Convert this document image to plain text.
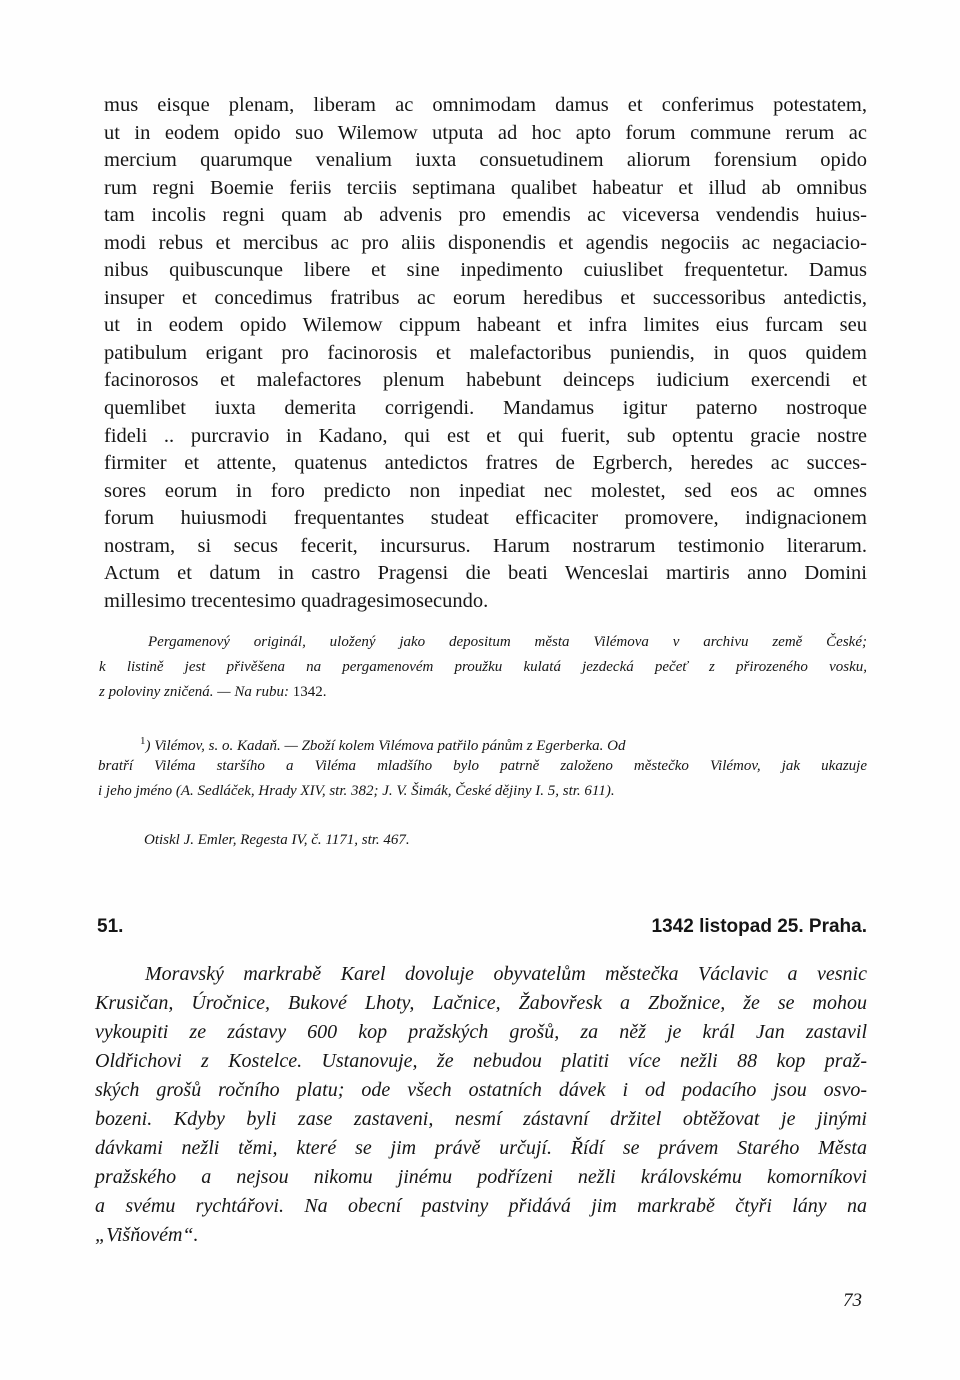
mus eisque plenam, liberam ac omnimodam damus et conferimus potestatem,
ut in eodem opido suo Wilemow utputa ad hoc apto forum commune rerum ac
mercium quarumque venalium iuxta consuetudinem aliorum forensium opido
rum regni Boemie feriis terciis septimana qualibet habeatur et illud ab omnibus
tam incolis regni quam ab advenis pro emendis ac viceversa vendendis huius-
modi rebus et mercibus ac pro aliis disponendis et agendis negociis ac negaciacio-
nibus quibuscunque libere et sine inpedimento cuiuslibet frequentetur. Damus
insuper et concedimus fratribus ac eorum heredibus et successoribus antedictis,
ut in eodem opido Wilemow cippum habeant et infra limites eius furcam seu
patibulum erigant pro facinorosis et malefactoribus puniendis, in quos quidem
facinorosos et malefactores plenum habebunt deinceps iudicium exercendi et
quemlibet iuxta demerita corrigendi. Mandamus igitur paterno nostroque
fideli .. purcravio in Kadano, qui est et qui fuerit, sub optentu gracie nostre
firmiter et attente, quatenus antedictos fratres de Egrberch, heredes ac succes-
sores eorum in foro predicto non inpediat nec molestet, sed eos ac omnes
forum huiusmodi frequentantes studeat efficaciter promovere, indignacionem
nostram, si secus fecerit, incursurus. Harum nostrarum testimonio literarum.
Actum et datum in castro Pragensi die beati Wenceslai martiris anno Domini
millesimo trecentesimo quadragesimosecundo.
Pergamenový originál, uložený jako depositum města Vilémova v archivu země České;
k listině jest přivěšena na pergamenovém proužku kulatá jezdecká pečeť z přirozeného vosku,
z poloviny zničená. — Na rubu: 1342.
$^1$) Vilémov, s. o. Kadaň. — Zboží kolem Vilémova patřilo pánům z Egerberka. Od
bratří Viléma staršího a Viléma mladšího bylo patrně založeno městečko Vilémov, jak ukazuje
i jeho jméno (A. Sedláček, Hrady XIV, str. 382; J. V. Šimák, České dějiny I. 5, str. 611).
Otiskl J. Emler, Regesta IV, č. 1171, str. 467.
51.	1342 listopad 25. Praha.
Moravský markrabě Karel dovoluje obyvatelům městečka Václavic a vesnic
Krusičan, Úročnice, Bukové Lhoty, Lačnice, Žabovřesk a Zbožnice, že se mohou
vykoupiti ze zástavy 600 kop pražských grošů, za něž je král Jan zastavil
Oldřichovi z Kostelce. Ustanovuje, že nebudou platiti více nežli 88 kop praž-
ských grošů ročního platu; ode všech ostatních dávek i od podacího jsou osvo-
bozeni. Kdyby byli zase zastaveni, nesmí zástavní držitel obtěžovat je jinými
dávkami nežli těmi, které se jim právě určují. Řídí se právem Starého Města
pražského a nejsou nikomu jinému podřízeni nežli královskému komorníkovi
a svému rychtářovi. Na obecní pastviny přidává jim markrabě čtyři lány na
„Višňovém“.
73
